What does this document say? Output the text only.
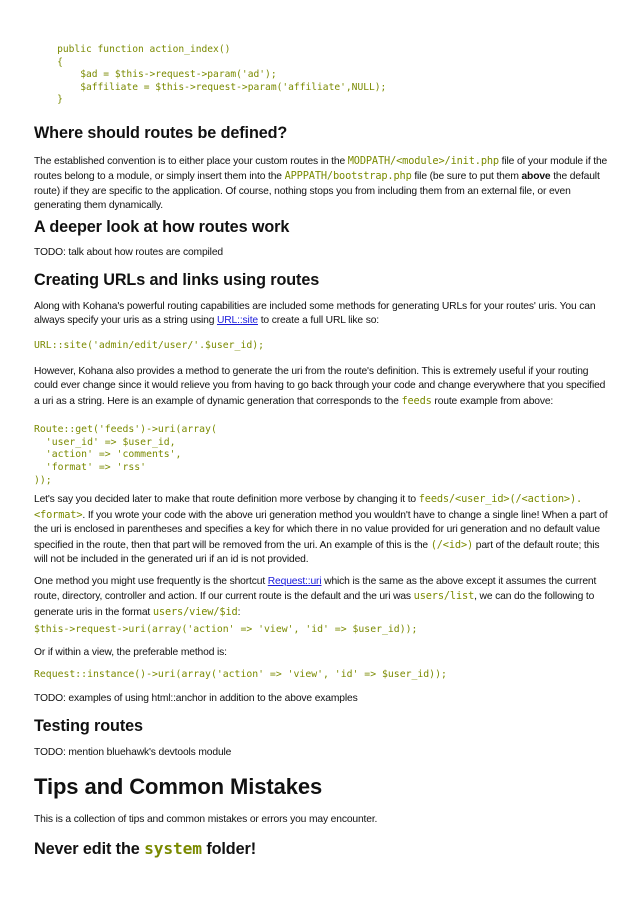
public function action_index()
{
$ad = $this->request->param('ad');
$affiliate = $this->request->param('affiliate',NULL);
}
Where should routes be defined?

The established convention is to either place your custom routes in the MODPATH/<module>/init.php file of your module if the routes belong to a module, or simply insert them into the APPPATH/bootstrap.php file (be sure to put them above the default route) if they are specific to the application. Of course, nothing stops you from including them from an external file, or even generating them dynamically.

A deeper look at how routes work

TODO: talk about how routes are compiled

Creating URLs and links using routes

Along with Kohana's powerful routing capabilities are included some methods for generating URLs for your routes' uris. You can always specify your uris as a string using URL::site to create a full URL like so:

URL::site('admin/edit/user/'.$user_id);

However, Kohana also provides a method to generate the uri from the route's definition. This is extremely useful if your routing could ever change since it would relieve you from having to go back through your code and change everywhere that you specified a uri as a string. Here is an example of dynamic generation that corresponds to the feeds route example from above:

Route::get('feeds')->uri(array(
'user_id' => $user_id,
'action' => 'comments',
'format' => 'rss'
));

Let's say you decided later to make that route definition more verbose by changing it to feeds/<user_id>(/<action>).<format>. If you wrote your code with the above uri generation method you wouldn't have to change a single line! When a part of the uri is enclosed in parentheses and specifies a key for which there in no value provided for uri generation and no default value specified in the route, then that part will be removed from the uri. An example of this is the (/<id>) part of the default route; this will not be included in the generated uri if an id is not provided.

One method you might use frequently is the shortcut Request::uri which is the same as the above except it assumes the current route, directory, controller and action. If our current route is the default and the uri was users/list, we can do the following to generate uris in the format users/view/$id:

$this->request->uri(array('action' => 'view', 'id' => $user_id));

Or if within a view, the preferable method is:

Request::instance()->uri(array('action' => 'view', 'id' => $user_id));

TODO: examples of using html::anchor in addition to the above examples

Testing routes

TODO: mention bluehawk's devtools module

Tips and Common Mistakes

This is a collection of tips and common mistakes or errors you may encounter.

Never edit the system folder!
